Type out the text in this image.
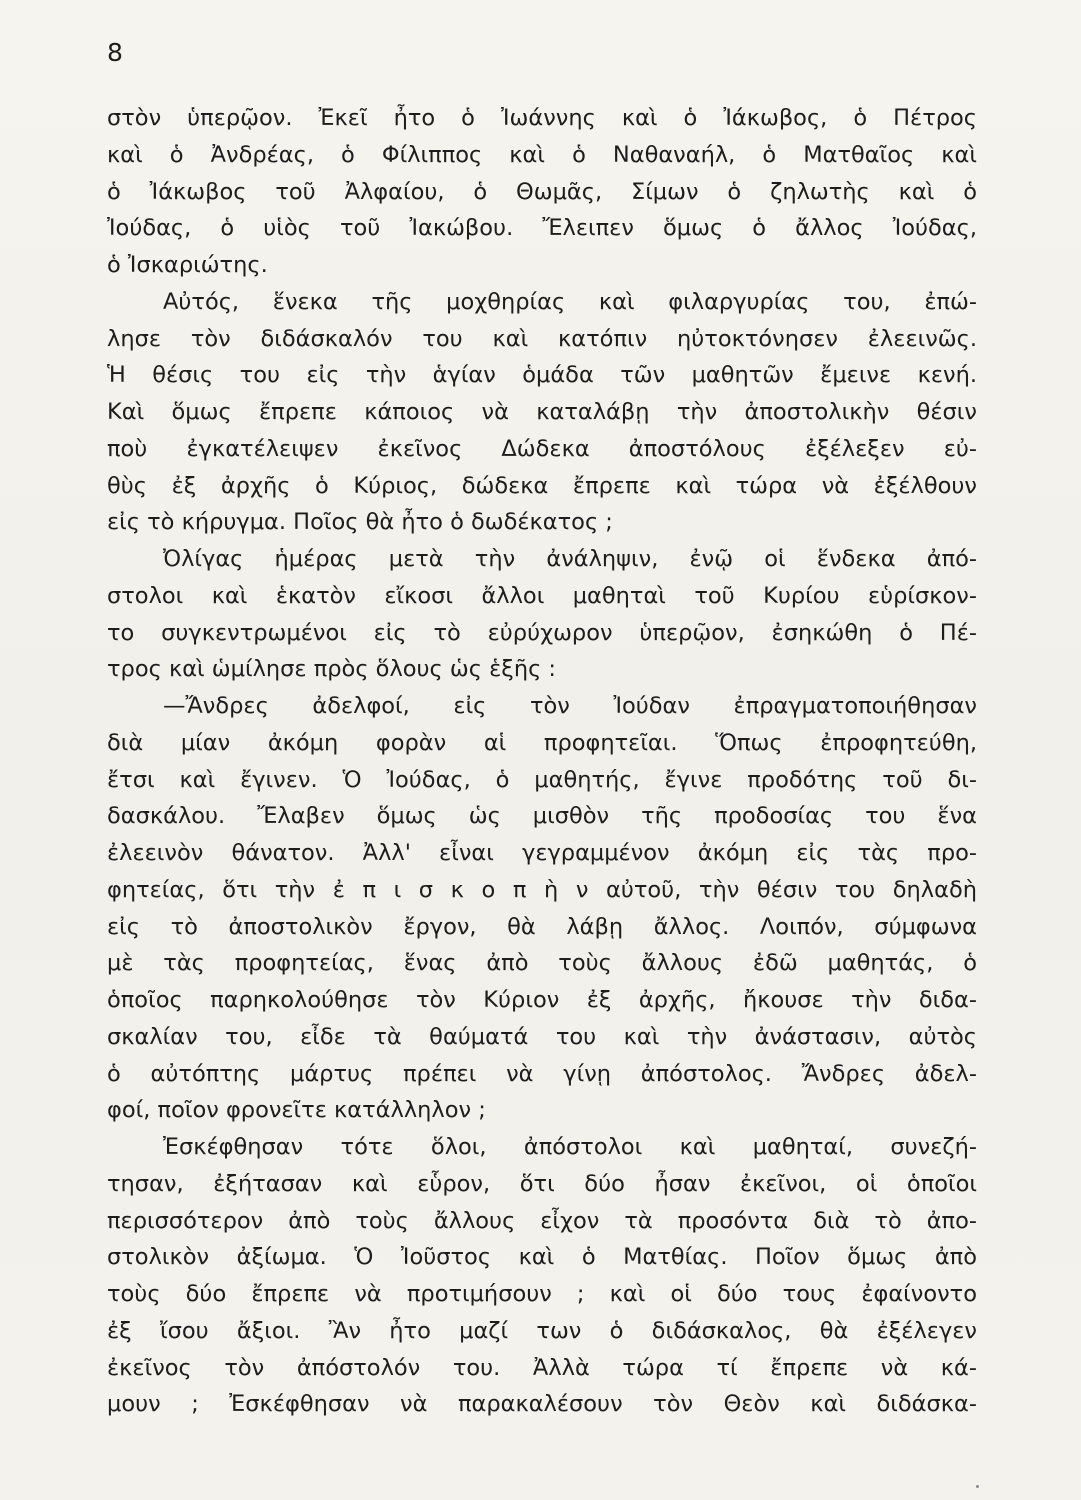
8
στὸν ὑπερῷον. Ἐκεῖ ἦτο ὁ Ἰωάννης καὶ ὁ Ἰάκωβος, ὁ Πέτρος
καὶ ὁ Ἀνδρέας, ὁ Φίλιππος καὶ ὁ Ναθαναήλ, ὁ Ματθαῖος καὶ
ὁ Ἰάκωβος τοῦ Ἀλφαίου, ὁ Θωμᾶς, Σίμων ὁ ζηλωτὴς καὶ ὁ
Ἰούδας, ὁ υἱὸς τοῦ Ἰακώβου. Ἔλειπεν ὅμως ὁ ἄλλος Ἰούδας,
ὁ Ἰσκαριώτης.
Αὐτός, ἕνεκα τῆς μοχθηρίας καὶ φιλαργυρίας του, ἐπώ-
λησε τὸν διδάσκαλόν του καὶ κατόπιν ηὐτοκτόνησεν ἐλεεινῶς.
Ἡ θέσις του εἰς τὴν ἁγίαν ὁμάδα τῶν μαθητῶν ἔμεινε κενή.
Καὶ ὅμως ἔπρεπε κάποιος νὰ καταλάβῃ τὴν ἀποστολικὴν θέσιν
ποὺ ἐγκατέλειψεν ἐκεῖνος Δώδεκα ἀποστόλους ἐξέλεξεν εὐ-
θὺς ἐξ ἀρχῆς ὁ Κύριος, δώδεκα ἔπρεπε καὶ τώρα νὰ ἐξέλθουν
εἰς τὸ κήρυγμα. Ποῖος θὰ ἦτο ὁ δωδέκατος ;
Ὀλίγας ἡμέρας μετὰ τὴν ἀνάληψιν, ἐνῷ οἱ ἕνδεκα ἀπό-
στολοι καὶ ἑκατὸν εἴκοσι ἄλλοι μαθηταὶ τοῦ Κυρίου εὑρίσκον-
το συγκεντρωμένοι εἰς τὸ εὐρύχωρον ὑπερῷον, ἐσηκώθη ὁ Πέ-
τρος καὶ ὡμίλησε πρὸς ὅλους ὡς ἑξῆς :
—Ἄνδρες ἀδελφοί, εἰς τὸν Ἰούδαν ἐπραγματοποιήθησαν
διὰ μίαν ἀκόμη φορὰν αἱ προφητεῖαι. Ὅπως ἐπροφητεύθη,
ἔτσι καὶ ἔγινεν. Ὁ Ἰούδας, ὁ μαθητής, ἔγινε προδότης τοῦ δι-
δασκάλου. Ἔλαβεν ὅμως ὡς μισθὸν τῆς προδοσίας του ἕνα
ἐλεεινὸν θάνατον. Ἀλλ' εἶναι γεγραμμένον ἀκόμη εἰς τὰς προ-
φητείας, ὅτι τὴν ἐ π ι σ κ ο π ὴ ν αὐτοῦ, τὴν θέσιν του δηλαδὴ
εἰς τὸ ἀποστολικὸν ἔργον, θὰ λάβῃ ἄλλος. Λοιπόν, σύμφωνα
μὲ τὰς προφητείας, ἕνας ἀπὸ τοὺς ἄλλους ἐδῶ μαθητάς, ὁ
ὁποῖος παρηκολούθησε τὸν Κύριον ἐξ ἀρχῆς, ἤκουσε τὴν διδα-
σκαλίαν του, εἶδε τὰ θαύματά του καὶ τὴν ἀνάστασιν, αὐτὸς
ὁ αὐτόπτης μάρτυς πρέπει νὰ γίνῃ ἀπόστολος. Ἄνδρες ἀδελ-
φοί, ποῖον φρονεῖτε κατάλληλον ;
Ἐσκέφθησαν τότε ὅλοι, ἀπόστολοι καὶ μαθηταί, συνεζή-
τησαν, ἐξήτασαν καὶ εὗρον, ὅτι δύο ἦσαν ἐκεῖνοι, οἱ ὁποῖοι
περισσότερον ἀπὸ τοὺς ἄλλους εἶχον τὰ προσόντα διὰ τὸ ἀπο-
στολικὸν ἀξίωμα. Ὁ Ἰοῦστος καὶ ὁ Ματθίας. Ποῖον ὅμως ἀπὸ
τοὺς δύο ἔπρεπε νὰ προτιμήσουν ; καὶ οἱ δύο τους ἐφαίνοντο
ἐξ ἴσου ἄξιοι. Ἂν ἦτο μαζί των ὁ διδάσκαλος, θὰ ἐξέλεγεν
ἐκεῖνος τὸν ἀπόστολόν του. Ἀλλὰ τώρα τί ἔπρεπε νὰ κά-
μουν ; Ἐσκέφθησαν νὰ παρακαλέσουν τὸν Θεὸν καὶ διδάσκα-
